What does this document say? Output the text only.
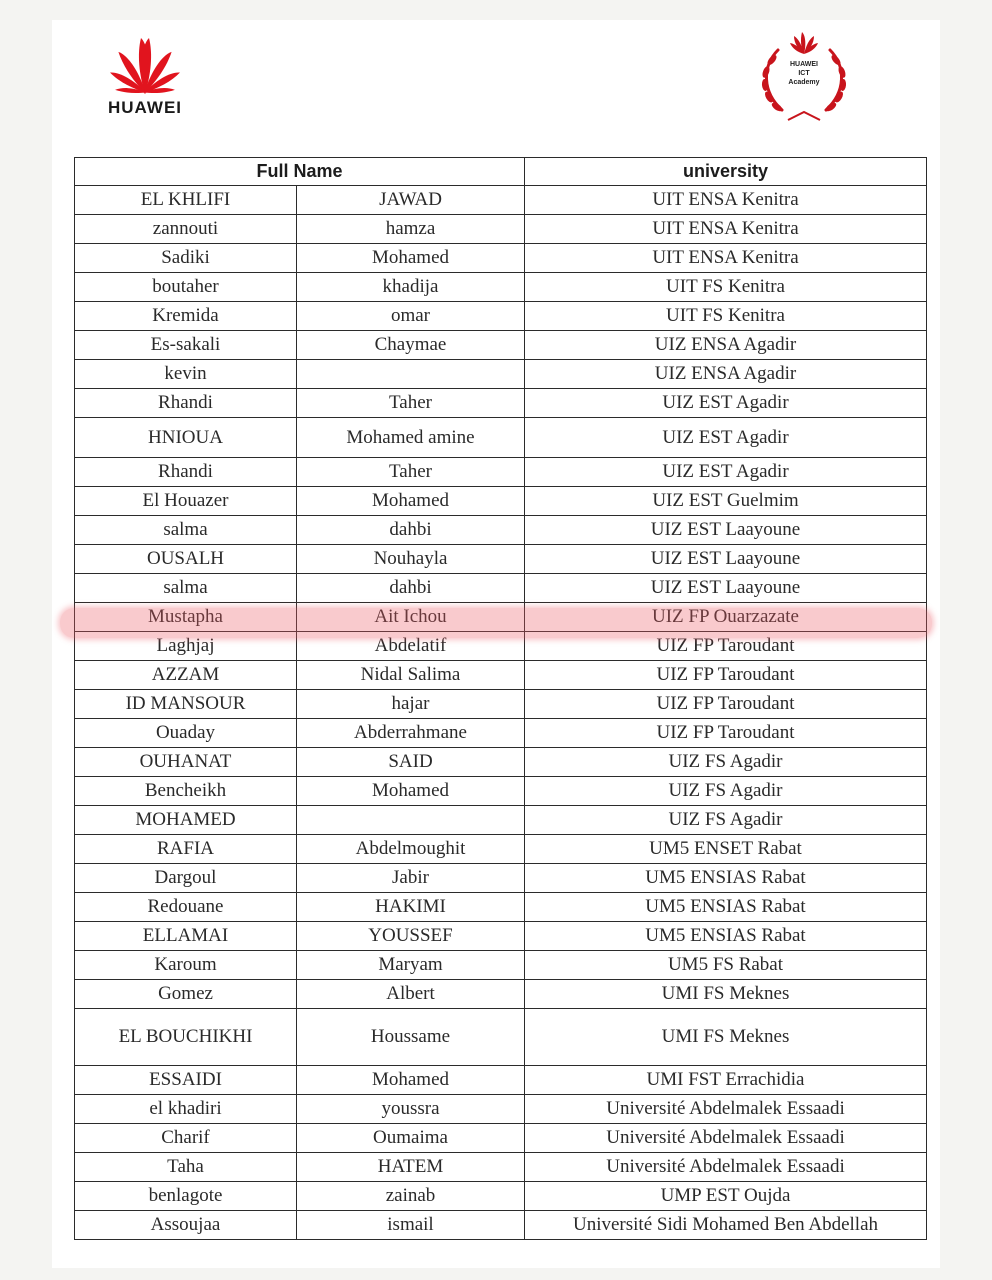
HUAWEI
HUAWEI
ICT
Academy
Full Name		university
EL KHLIFI	JAWAD	UIT ENSA Kenitra
zannouti	hamza	UIT ENSA Kenitra
Sadiki	Mohamed	UIT ENSA Kenitra
boutaher	khadija	UIT FS Kenitra
Kremida	omar	UIT FS Kenitra
Es-sakali	Chaymae	UIZ ENSA Agadir
kevin		UIZ ENSA Agadir
Rhandi	Taher	UIZ EST Agadir
HNIOUA	Mohamed amine	UIZ EST Agadir
Rhandi	Taher	UIZ EST Agadir
El Houazer	Mohamed	UIZ EST Guelmim
salma	dahbi	UIZ EST Laayoune
OUSALH	Nouhayla	UIZ EST Laayoune
salma	dahbi	UIZ EST Laayoune
Mustapha	Ait Ichou	UIZ FP Ouarzazate
Laghjaj	Abdelatif	UIZ FP Taroudant
AZZAM	Nidal Salima	UIZ FP Taroudant
ID MANSOUR	hajar	UIZ FP Taroudant
Ouaday	Abderrahmane	UIZ FP Taroudant
OUHANAT	SAID	UIZ FS Agadir
Bencheikh	Mohamed	UIZ FS Agadir
MOHAMED		UIZ FS Agadir
RAFIA	Abdelmoughit	UM5 ENSET Rabat
Dargoul	Jabir	UM5 ENSIAS Rabat
Redouane	HAKIMI	UM5 ENSIAS Rabat
ELLAMAI	YOUSSEF	UM5 ENSIAS Rabat
Karoum	Maryam	UM5 FS Rabat
Gomez	Albert	UMI FS Meknes
EL BOUCHIKHI	Houssame	UMI FS Meknes
ESSAIDI	Mohamed	UMI FST Errachidia
el khadiri	youssra	Université Abdelmalek Essaadi
Charif	Oumaima	Université Abdelmalek Essaadi
Taha	HATEM	Université Abdelmalek Essaadi
benlagote	zainab	UMP EST Oujda
Assoujaa	ismail	Université Sidi Mohamed Ben Abdellah
